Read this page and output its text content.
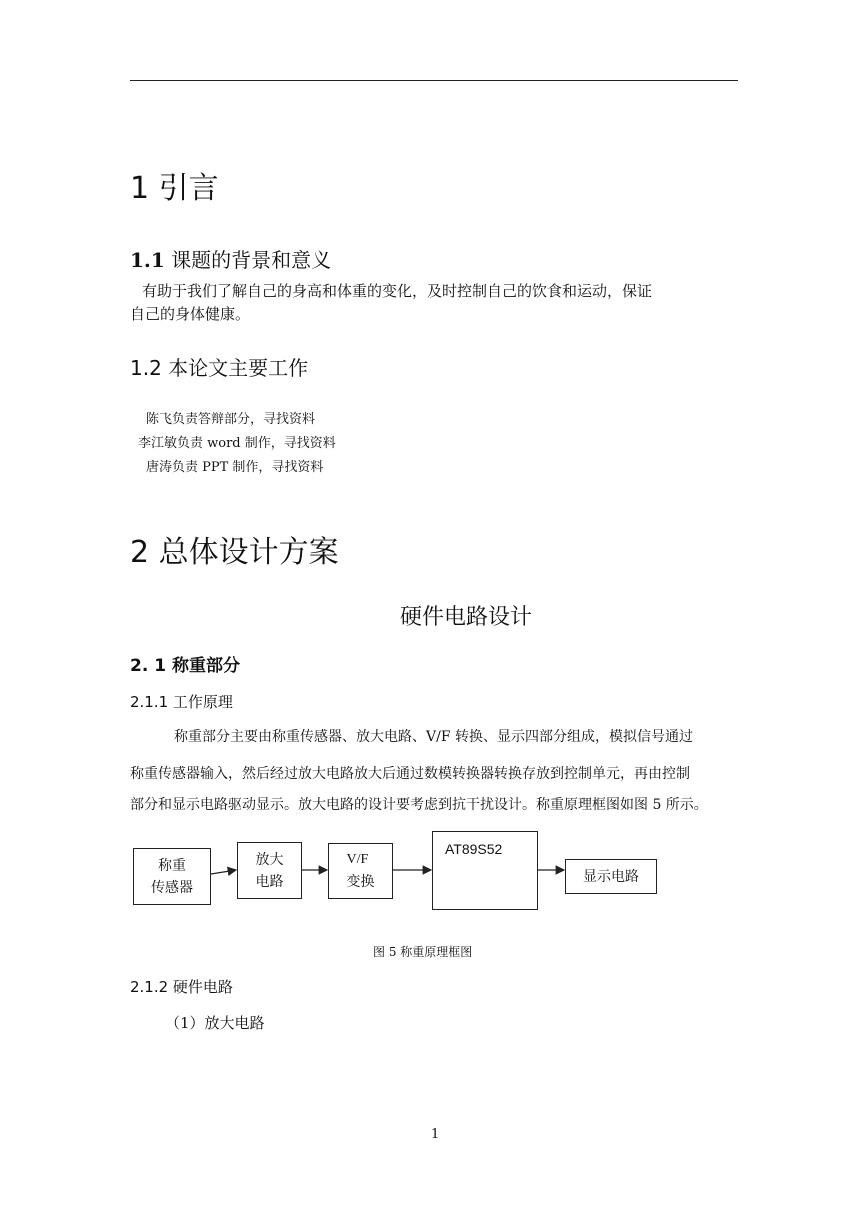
1 引言
1.1 课题的背景和意义
有助于我们了解自己的身高和体重的变化，及时控制自己的饮食和运动，保证
自己的身体健康。
1.2 本论文主要工作
陈飞负责答辩部分，寻找资料
李江敏负责 word 制作，寻找资料
唐涛负责 PPT 制作，寻找资料
2 总体设计方案
硬件电路设计
2. 1 称重部分
2.1.1 工作原理
称重部分主要由称重传感器、放大电路、V/F 转换、显示四部分组成，模拟信号通过
称重传感器输入，然后经过放大电路放大后通过数模转换器转换存放到控制单元，再由控制
部分和显示电路驱动显示。放大电路的设计要考虑到抗干扰设计。称重原理框图如图 5 所示。
称重
传感器
放大
电路
V/F
变换
AT89S52
显示电路
图 5 称重原理框图
2.1.2 硬件电路
（1）放大电路
1
